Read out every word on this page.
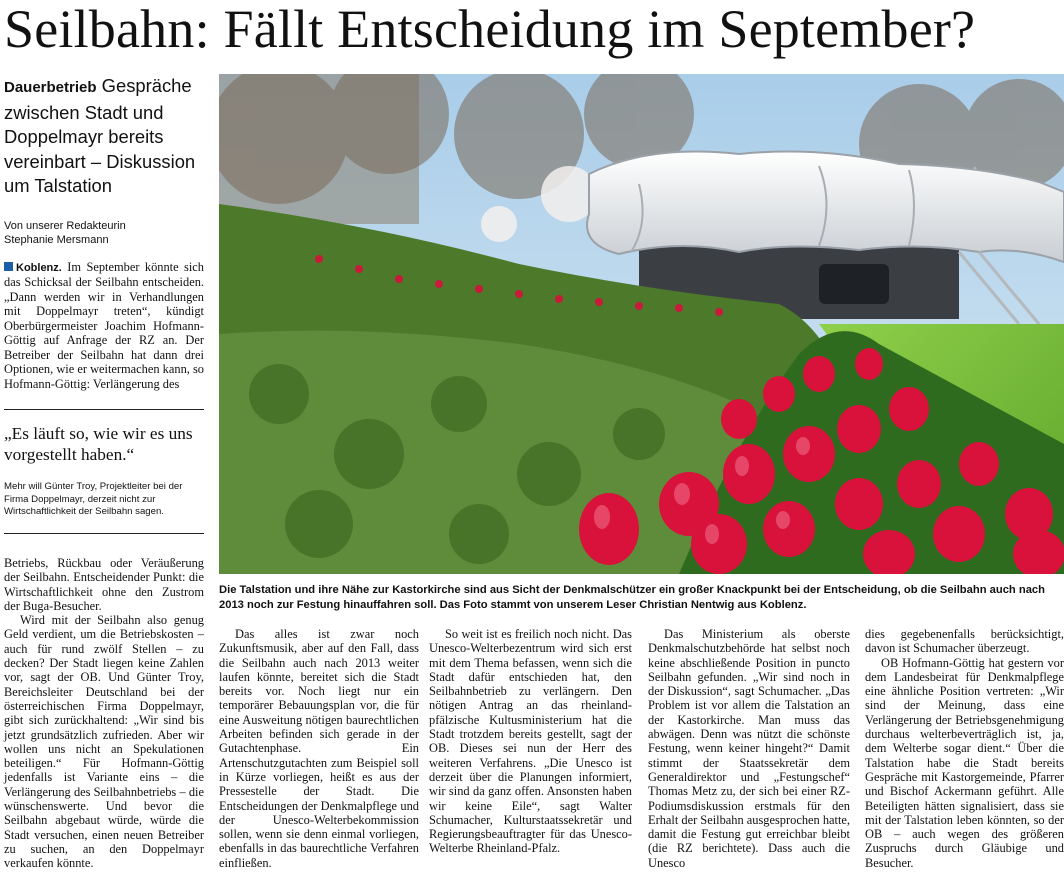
Seilbahn: Fällt Entscheidung im September?
Dauerbetrieb Gespräche zwischen Stadt und Doppelmayr bereits vereinbart – Diskussion um Talstation
Von unserer Redakteurin
Stephanie Mersmann
Koblenz. Im September könnte sich das Schicksal der Seilbahn entscheiden. „Dann werden wir in Verhandlungen mit Doppelmayr treten“, kündigt Oberbürgermeister Joachim Hofmann-Göttig auf Anfrage der RZ an. Der Betreiber der Seilbahn hat dann drei Optionen, wie er weitermachen kann, so Hofmann-Göttig: Verlängerung des
„Es läuft so, wie wir es uns vorgestellt haben.“
Mehr will Günter Troy, Projektleiter bei der Firma Doppelmayr, derzeit nicht zur Wirtschaftlichkeit der Seilbahn sagen.
Die Talstation und ihre Nähe zur Kastorkirche sind aus Sicht der Denkmalschützer ein großer Knackpunkt bei der Entscheidung, ob die Seilbahn auch nach 2013 noch zur Festung hinauffahren soll. Das Foto stammt von unserem Leser Christian Nentwig aus Koblenz.

Betriebs, Rückbau oder Veräußerung der Seilbahn. Entscheidender Punkt: die Wirtschaftlichkeit ohne den Zustrom der Buga-Besucher.

Wird mit der Seilbahn also genug Geld verdient, um die Betriebskosten – auch für rund zwölf Stellen – zu decken? Der Stadt liegen keine Zahlen vor, sagt der OB. Und Günter Troy, Bereichsleiter Deutschland bei der österreichischen Firma Doppelmayr, gibt sich zurückhaltend: „Wir sind bis jetzt grundsätzlich zufrieden. Aber wir wollen uns nicht an Spekulationen beteiligen.“ Für Hofmann-Göttig jedenfalls ist Variante eins – die Verlängerung des Seilbahnbetriebs – die wünschenswerte. Und bevor die Seilbahn abgebaut würde, würde die Stadt versuchen, einen neuen Betreiber zu suchen, an den Doppelmayr verkaufen könnte.

Das alles ist zwar noch Zukunftsmusik, aber auf den Fall, dass die Seilbahn auch nach 2013 weiter laufen könnte, bereitet sich die Stadt bereits vor. Noch liegt nur ein temporärer Bebauungsplan vor, die für eine Ausweitung nötigen baurechtlichen Arbeiten befinden sich gerade in der Gutachtenphase. Ein Artenschutzgutachten zum Beispiel soll in Kürze vorliegen, heißt es aus der Pressestelle der Stadt. Die Entscheidungen der Denkmalpflege und der Unesco-Welterbekommission sollen, wenn sie denn einmal vorliegen, ebenfalls in das baurechtliche Verfahren einfließen.

So weit ist es freilich noch nicht. Das Unesco-Welterbezentrum wird sich erst mit dem Thema befassen, wenn sich die Stadt dafür entschieden hat, den Seilbahnbetrieb zu verlängern. Den nötigen Antrag an das rheinland-pfälzische Kultusministerium hat die Stadt trotzdem bereits gestellt, sagt der OB. Dieses sei nun der Herr des weiteren Verfahrens. „Die Unesco ist derzeit über die Planungen informiert, wir sind da ganz offen. Ansonsten haben wir keine Eile“, sagt Walter Schumacher, Kulturstaatssekretär und Regierungsbeauftragter für das Unesco-Welterbe Rheinland-Pfalz.

Das Ministerium als oberste Denkmalschutzbehörde hat selbst noch keine abschließende Position in puncto Seilbahn gefunden. „Wir sind noch in der Diskussion“, sagt Schumacher. „Das Problem ist vor allem die Talstation an der Kastorkirche. Man muss das abwägen. Denn was nützt die schönste Festung, wenn keiner hingeht?“ Damit stimmt der Staatssekretär dem Generaldirektor und „Festungschef“ Thomas Metz zu, der sich bei einer RZ-Podiumsdiskussion erstmals für den Erhalt der Seilbahn ausgesprochen hatte, damit die Festung gut erreichbar bleibt (die RZ berichtete). Dass auch die Unesco

dies gegebenenfalls berücksichtigt, davon ist Schumacher überzeugt.

OB Hofmann-Göttig hat gestern vor dem Landesbeirat für Denkmalpflege eine ähnliche Position vertreten: „Wir sind der Meinung, dass eine Verlängerung der Betriebsgenehmigung durchaus welterbeverträglich ist, ja, dem Welterbe sogar dient.“ Über die Talstation habe die Stadt bereits Gespräche mit Kastorgemeinde, Pfarrer und Bischof Ackermann geführt. Alle Beteiligten hätten signalisiert, dass sie mit der Talstation leben könnten, so der OB – auch wegen des größeren Zuspruchs durch Gläubige und Besucher.
